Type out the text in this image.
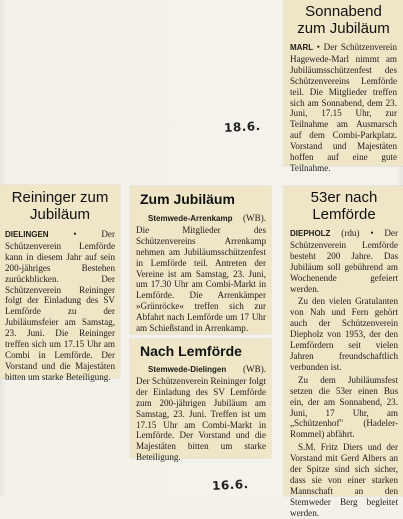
Sonnabend zum Jubiläum

MARL • Der Schützenverein Hagewede-Marl nimmt am Jubiläumsschützenfest des Schützenvereins Lemförde teil. Die Mitglieder treffen sich am Sonnabend, dem 23. Juni, 17.15 Uhr, zur Teilnahme am Ausmarsch auf dem Combi-Parkplatz. Vorstand und Majestäten hoffen auf eine gute Teilnahme.

18.6.
Reininger zum Jubiläum

DIELINGEN	• Der Schützenverein Lemförde kann in diesem Jahr auf sein 200-jähriges Bestehen zurückblicken. Der Schützenverein Reininger folgt der Einladung des SV Lemförde zu der Jubiläumsfeier am Samstag, 23. Juni. Die Reininger treffen sich um 17.15 Uhr am Combi in Lemförde. Der Vorstand und die Majestäten bitten um starke Beteiligung.

Zum Jubiläum

Stemwede-Arrenkamp (WB). Die Mitglieder des Schützenvereins Arrenkamp nehmen am Jubiläumsschützenfest in Lemförde teil. Antreten der Vereine ist am Samstag, 23. Juni, um 17.30 Uhr am Combi-Markt in Lemförde. Die Arrenkämper »Grünröcke« treffen sich zur Abfahrt nach Lemförde um 17 Uhr am Schießstand in Arrenkamp.

Nach Lemförde

Stemwede-Dielingen (WB). Der Schützenverein Reininger folgt der Einladung des SV Lemförde zum 200-jährigen Jubiläum am Samstag, 23. Juni. Treffen ist um 17.15 Uhr am Combi-Markt in Lemförde. Der Vorstand und die Majestäten bitten um starke Beteiligung.

53er nach Lemförde

DIEPHOLZ (rdu) • Der Schützenverein Lemförde besteht 200 Jahre. Das Jubiläum soll gebührend am Wochenende gefeiert werden.

Zu den vielen Gratulanten von Nah und Fern gehört auch der Schützenverein Diepholz von 1953, der den Lemfördern seit vielen Jahren freundschaftlich verbunden ist.

Zu dem Jubiläumsfest setzen die 53er einen Bus ein, der am Sonnabend, 23. Juni, 17 Uhr, am „Schützenhof" (Hadeler-Rommel) abfährt.

S.M. Fritz Diers und der Vorstand mit Gerd Albers an der Spitze sind sich sicher, dass sie von einer starken Mannschaft an den Stemweder Berg begleitet werden.

16.6.
